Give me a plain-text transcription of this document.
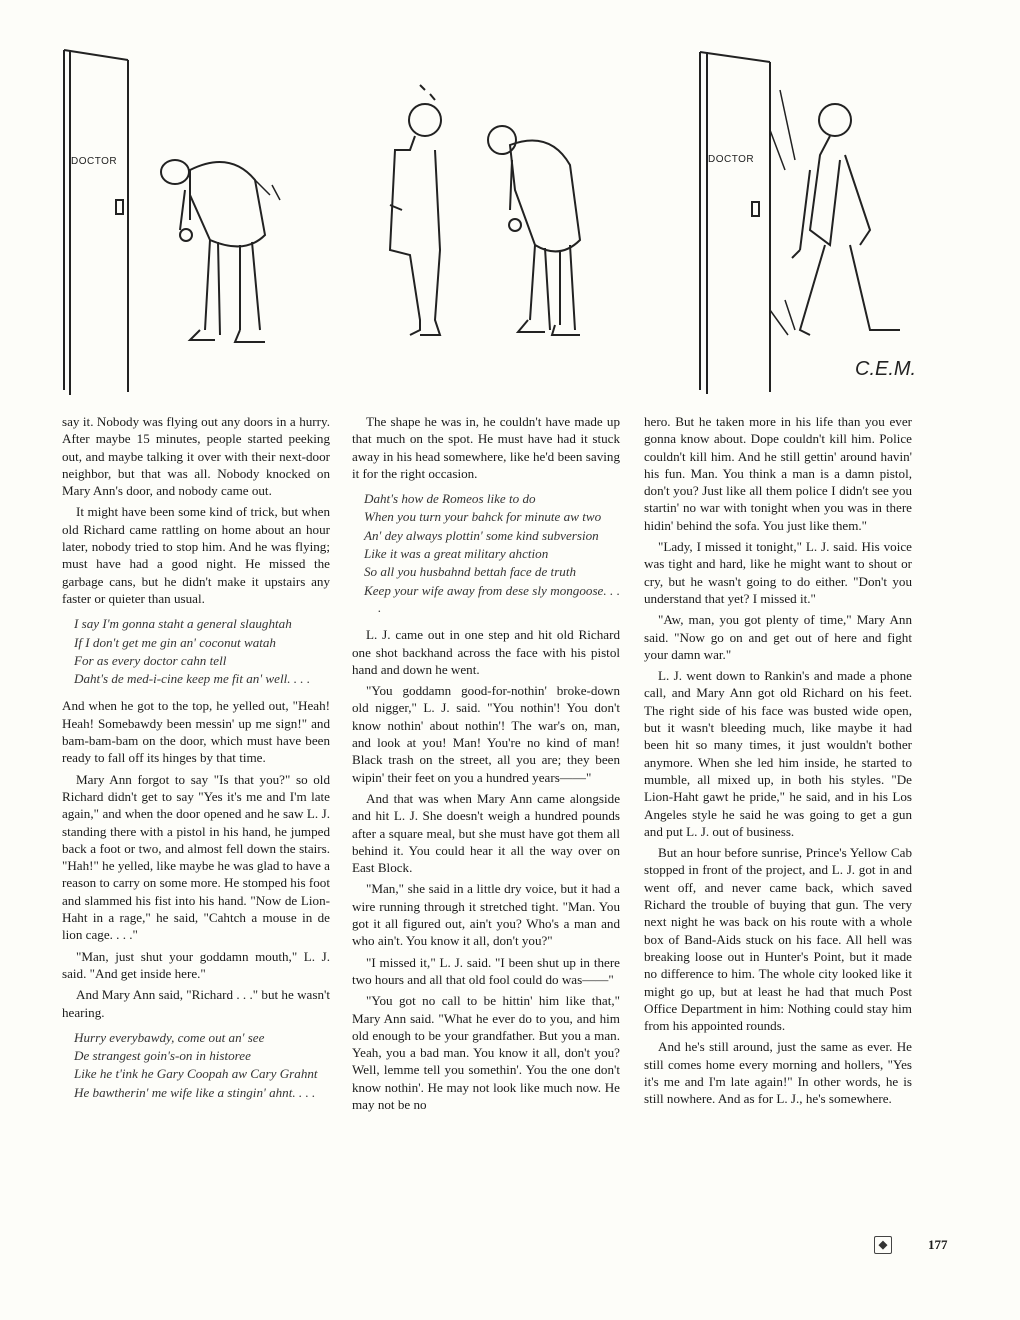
DOCTOR	DOCTOR
C.E.M.

say it. Nobody was flying out any doors in a hurry. After maybe 15 minutes, people started peeking out, and maybe talking it over with their next-door neighbor, but that was all. Nobody knocked on Mary Ann's door, and nobody came out.

It might have been some kind of trick, but when old Richard came rattling on home about an hour later, nobody tried to stop him. And he was flying; must have had a good night. He missed the garbage cans, but he didn't make it upstairs any faster or quieter than usual.

I say I'm gonna staht a general slaughtah
If I don't get me gin an' coconut watah
For as every doctor cahn tell
Daht's de med-i-cine keep me fit an' well. . . .

And when he got to the top, he yelled out, "Heah! Heah! Somebawdy been messin' up me sign!" and bam-bam-bam on the door, which must have been ready to fall off its hinges by that time.

Mary Ann forgot to say "Is that you?" so old Richard didn't get to say "Yes it's me and I'm late again," and when the door opened and he saw L. J. standing there with a pistol in his hand, he jumped back a foot or two, and almost fell down the stairs. "Hah!" he yelled, like maybe he was glad to have a reason to carry on some more. He stomped his foot and slammed his fist into his hand. "Now de Lion-Haht in a rage," he said, "Cahtch a mouse in de lion cage. . . ."

"Man, just shut your goddamn mouth," L. J. said. "And get inside here."

And Mary Ann said, "Richard . . ." but he wasn't hearing.

Hurry everybawdy, come out an' see
De strangest goin's-on in historee
Like he t'ink he Gary Coopah aw Cary Grahnt
He bawtherin' me wife like a stingin' ahnt. . . .

The shape he was in, he couldn't have made up that much on the spot. He must have had it stuck away in his head somewhere, like he'd been saving it for the right occasion.

Daht's how de Romeos like to do
When you turn your bahck for minute aw two
An' dey always plottin' some kind subversion
Like it was a great military ahction
So all you husbahnd bettah face de truth
Keep your wife away from dese sly mongoose. . . .

L. J. came out in one step and hit old Richard one shot backhand across the face with his pistol hand and down he went.

"You goddamn good-for-nothin' broke-down old nigger," L. J. said. "You nothin'! You don't know nothin' about nothin'! The war's on, man, and look at you! Man! You're no kind of man! Black trash on the street, all you are; they been wipin' their feet on you a hundred years——"

And that was when Mary Ann came alongside and hit L. J. She doesn't weigh a hundred pounds after a square meal, but she must have got them all behind it. You could hear it all the way over on East Block.

"Man," she said in a little dry voice, but it had a wire running through it stretched tight. "Man. You got it all figured out, ain't you? Who's a man and who ain't. You know it all, don't you?"

"I missed it," L. J. said. "I been shut up in there two hours and all that old fool could do was——"

"You got no call to be hittin' him like that," Mary Ann said. "What he ever do to you, and him old enough to be your grandfather. But you a man. Yeah, you a bad man. You know it all, don't you? Well, lemme tell you somethin'. You the one don't know nothin'. He may not look like much now. He may not be no

hero. But he taken more in his life than you ever gonna know about. Dope couldn't kill him. Police couldn't kill him. And he still gettin' around havin' his fun. Man. You think a man is a damn pistol, don't you? Just like all them police I didn't see you startin' no war with tonight when you was in there hidin' behind the sofa. You just like them."

"Lady, I missed it tonight," L. J. said. His voice was tight and hard, like he might want to shout or cry, but he wasn't going to do either. "Don't you understand that yet? I missed it."

"Aw, man, you got plenty of time," Mary Ann said. "Now go on and get out of here and fight your damn war."

L. J. went down to Rankin's and made a phone call, and Mary Ann got old Richard on his feet. The right side of his face was busted wide open, but it wasn't bleeding much, like maybe it had been hit so many times, it just wouldn't bother anymore. When she led him inside, he started to mumble, all mixed up, in both his styles. "De Lion-Haht gawt he pride," he said, and in his Los Angeles style he said he was going to get a gun and put L. J. out of business.

But an hour before sunrise, Prince's Yellow Cab stopped in front of the project, and L. J. got in and went off, and never came back, which saved Richard the trouble of buying that gun. The very next night he was back on his route with a whole box of Band-Aids stuck on his face. All hell was breaking loose out in Hunter's Point, but it made no difference to him. The whole city looked like it might go up, but at least he had that much Post Office Department in him: Nothing could stay him from his appointed rounds.

And he's still around, just the same as ever. He still comes home every morning and hollers, "Yes it's me and I'm late again!" In other words, he is still nowhere. And as for L. J., he's somewhere.

◆	177
